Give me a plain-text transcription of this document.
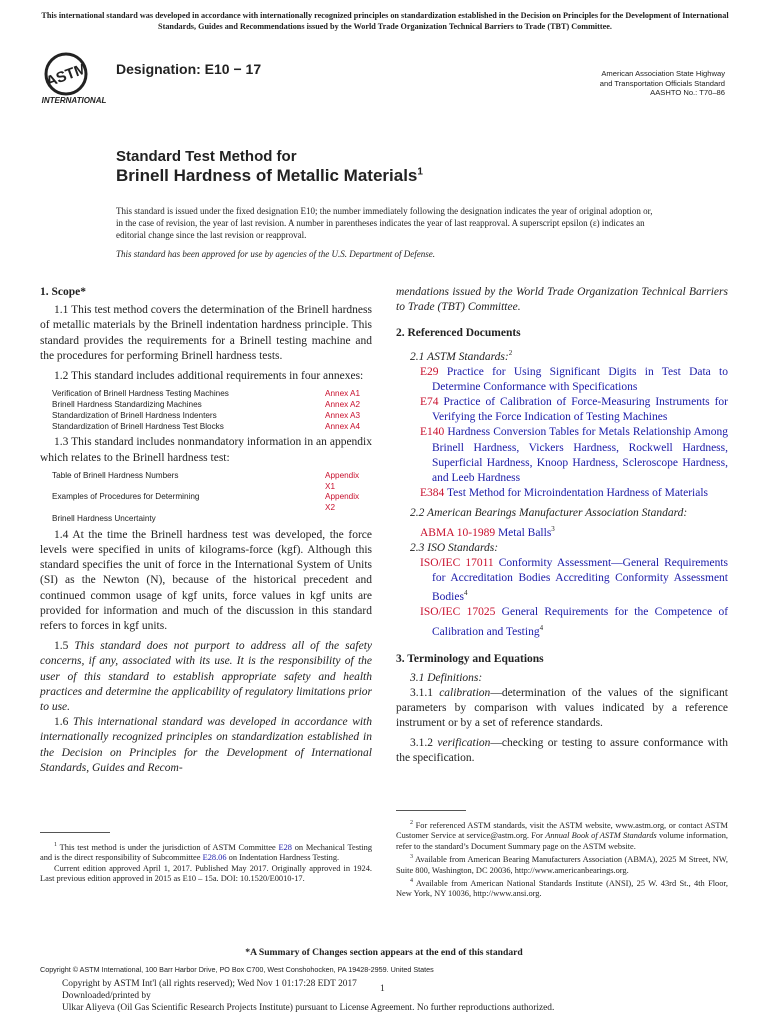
This international standard was developed in accordance with internationally recognized principles on standardization established in the Decision on Principles for the Development of International Standards, Guides and Recommendations issued by the World Trade Organization Technical Barriers to Trade (TBT) Committee.
ASTM
INTERNATIONAL
Designation: E10 − 17	American Association State Highway
and Transportation Officials Standard
AASHTO No.: T70–86
Standard Test Method for
Brinell Hardness of Metallic Materials$^1$
This standard is issued under the fixed designation E10; the number immediately following the designation indicates the year of original adoption or, in the case of revision, the year of last revision. A number in parentheses indicates the year of last reapproval. A superscript epsilon (ε) indicates an editorial change since the last revision or reapproval.
This standard has been approved for use by agencies of the U.S. Department of Defense.

1. Scope*

1.1 This test method covers the determination of the Brinell hardness of metallic materials by the Brinell indentation hardness principle. This standard provides the requirements for a Brinell testing machine and the procedures for performing Brinell hardness tests.

1.2 This standard includes additional requirements in four annexes:

Verification of Brinell Hardness Testing Machines	Annex A1
Brinell Hardness Standardizing Machines	Annex A2
Standardization of Brinell Hardness Indenters	Annex A3
Standardization of Brinell Hardness Test Blocks	Annex A4

1.3 This standard includes nonmandatory information in an appendix which relates to the Brinell hardness test:

Table of Brinell Hardness Numbers	Appendix X1
Examples of Procedures for Determining	Appendix X2
Brinell Hardness Uncertainty

1.4 At the time the Brinell hardness test was developed, the force levels were specified in units of kilograms-force (kgf). Although this standard specifies the unit of force in the International System of Units (SI) as the Newton (N), because of the historical precedent and continued common usage of kgf units, force values in kgf units are provided for information and much of the discussion in this standard refers to forces in kgf units.

1.5 This standard does not purport to address all of the safety concerns, if any, associated with its use. It is the responsibility of the user of this standard to establish appropriate safety and health practices and determine the applicability of regulatory limitations prior to use.

1.6 This international standard was developed in accordance with internationally recognized principles on standardization established in the Decision on Principles for the Development of International Standards, Guides and Recom-

mendations issued by the World Trade Organization Technical Barriers to Trade (TBT) Committee.

2. Referenced Documents

2.1 ASTM Standards:$^2$

E29 Practice for Using Significant Digits in Test Data to Determine Conformance with Specifications

E74 Practice of Calibration of Force-Measuring Instruments for Verifying the Force Indication of Testing Machines

E140 Hardness Conversion Tables for Metals Relationship Among Brinell Hardness, Vickers Hardness, Rockwell Hardness, Superficial Hardness, Knoop Hardness, Scleroscope Hardness, and Leeb Hardness

E384 Test Method for Microindentation Hardness of Materials

2.2 American Bearings Manufacturer Association Standard:

ABMA 10-1989 Metal Balls$^3$

2.3 ISO Standards:

ISO/IEC 17011 Conformity Assessment—General Requirements for Accreditation Bodies Accrediting Conformity Assessment Bodies$^4$

ISO/IEC 17025 General Requirements for the Competence of Calibration and Testing$^4$

3. Terminology and Equations

3.1 Definitions:

3.1.1 calibration—determination of the values of the significant parameters by comparison with values indicated by a reference instrument or by a set of reference standards.

3.1.2 verification—checking or testing to assure conformance with the specification.

$^1$ This test method is under the jurisdiction of ASTM Committee E28 on Mechanical Testing and is the direct responsibility of Subcommittee E28.06 on Indentation Hardness Testing.

Current edition approved April 1, 2017. Published May 2017. Originally approved in 1924. Last previous edition approved in 2015 as E10 – 15a. DOI: 10.1520/E0010-17.

$^2$ For referenced ASTM standards, visit the ASTM website, www.astm.org, or contact ASTM Customer Service at service@astm.org. For Annual Book of ASTM Standards volume information, refer to the standard’s Document Summary page on the ASTM website.

$^3$ Available from American Bearing Manufacturers Association (ABMA), 2025 M Street, NW, Suite 800, Washington, DC 20036, http://www.americanbearings.org.

$^4$ Available from American National Standards Institute (ANSI), 25 W. 43rd St., 4th Floor, New York, NY 10036, http://www.ansi.org.

*A Summary of Changes section appears at the end of this standard
Copyright © ASTM International, 100 Barr Harbor Drive, PO Box C700, West Conshohocken, PA 19428-2959. United States
Copyright by ASTM Int'l (all rights reserved); Wed Nov 1 01:17:28 EDT 2017
Downloaded/printed by
Ulkar Aliyeva (Oil Gas Scientific Research Projects Institute) pursuant to License Agreement. No further reproductions authorized.
1
